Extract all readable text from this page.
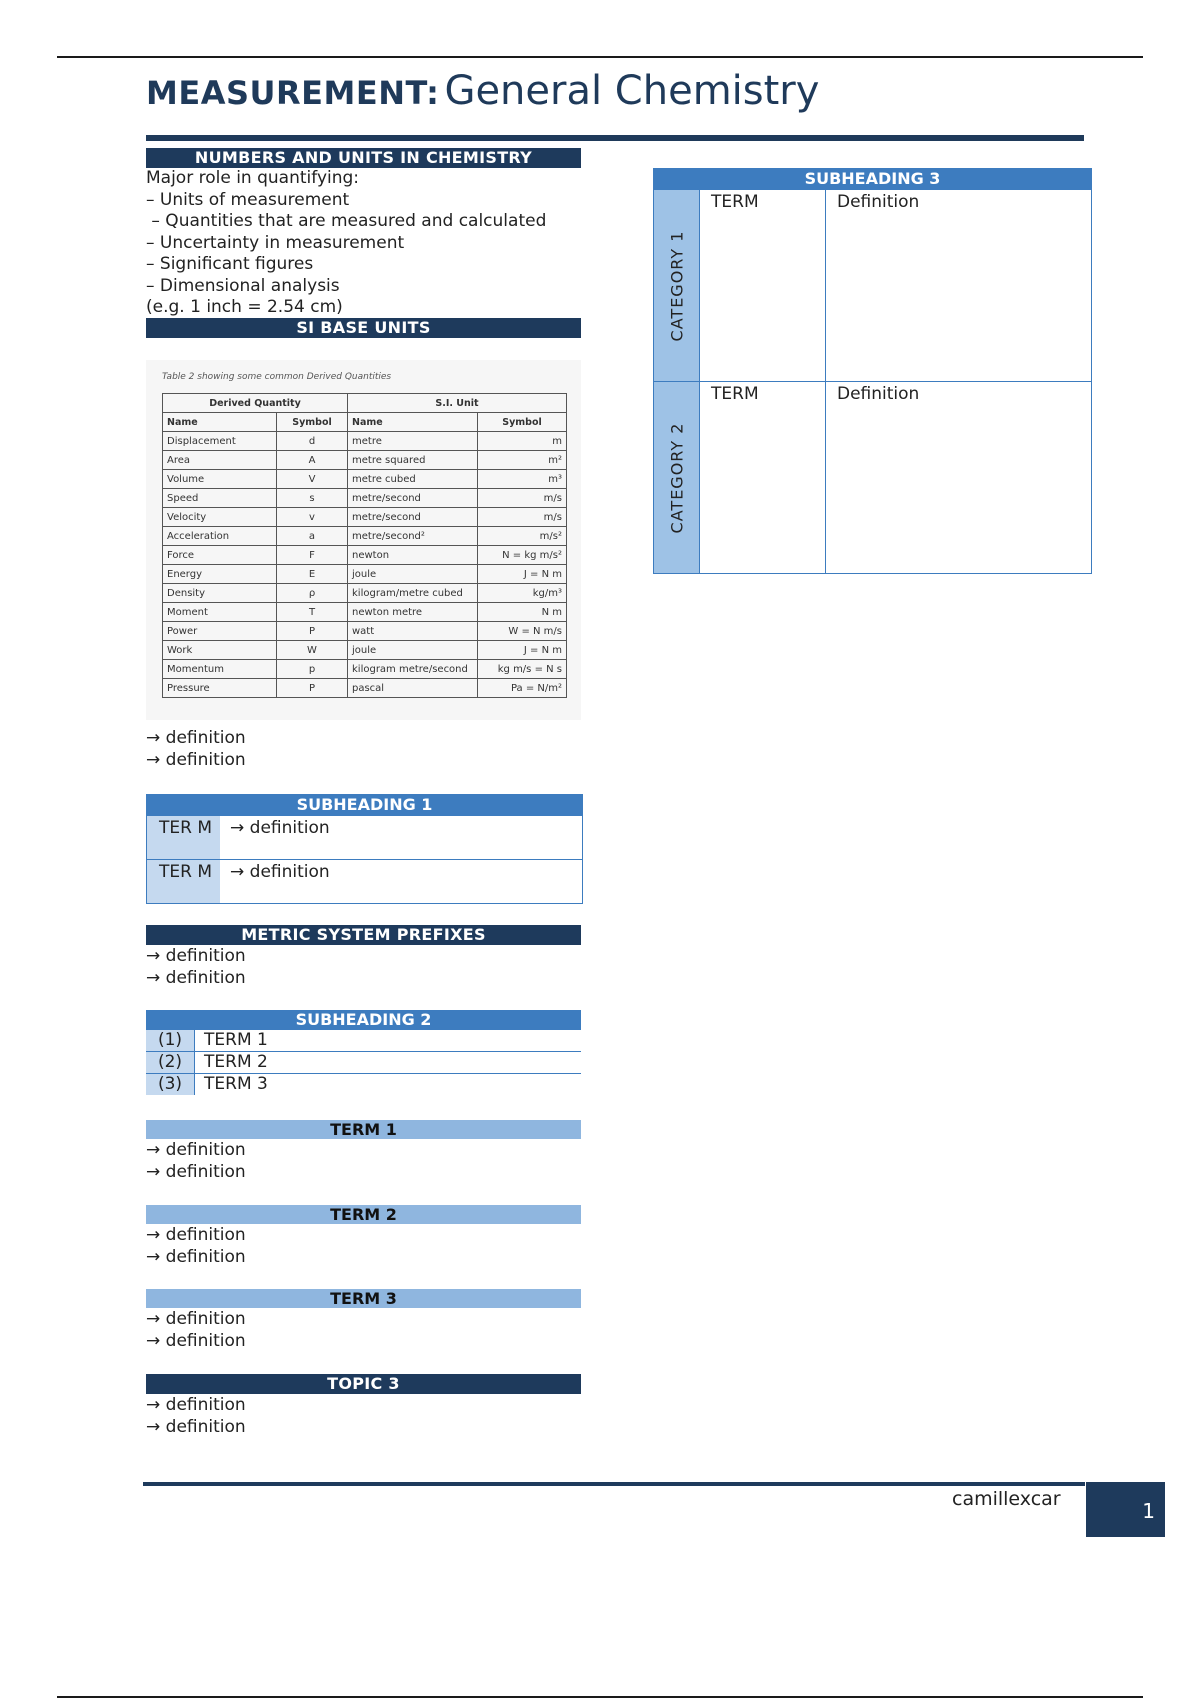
MEASUREMENT: General Chemistry
NUMBERS AND UNITS IN CHEMISTRY
Major role in quantifying:
– Units of measurement
– Quantities that are measured and calculated
– Uncertainty in measurement
– Significant figures
– Dimensional analysis
(e.g. 1 inch = 2.54 cm)
SI BASE UNITS
Table 2 showing some common Derived Quantities
Derived Quantity		S.I. Unit	
Name	Symbol	Name	Symbol
Displacement	d	metre	m
Area	A	metre squared	m²
Volume	V	metre cubed	m³
Speed	s	metre/second	m/s
Velocity	v	metre/second	m/s
Acceleration	a	metre/second²	m/s²
Force	F	newton	N = kg m/s²
Energy	E	joule	J = N m
Density	ρ	kilogram/metre cubed	kg/m³
Moment	T	newton metre	N m
Power	P	watt	W = N m/s
Work	W	joule	J = N m
Momentum	p	kilogram metre/second	kg m/s = N s
Pressure	P	pascal	Pa = N/m²
→ definition
→ definition
SUBHEADING 1
TER M	→ definition
TER M	→ definition
METRIC SYSTEM PREFIXES
→ definition
→ definition
SUBHEADING 2
(1)	TERM 1
(2)	TERM 2
(3)	TERM 3
TERM 1
→ definition
→ definition
TERM 2
→ definition
→ definition
TERM 3
→ definition
→ definition
TOPIC 3
→ definition
→ definition
SUBHEADING 3
CATEGORY 1
TERM	Definition
CATEGORY 2
TERM	Definition
camillexcar	1
